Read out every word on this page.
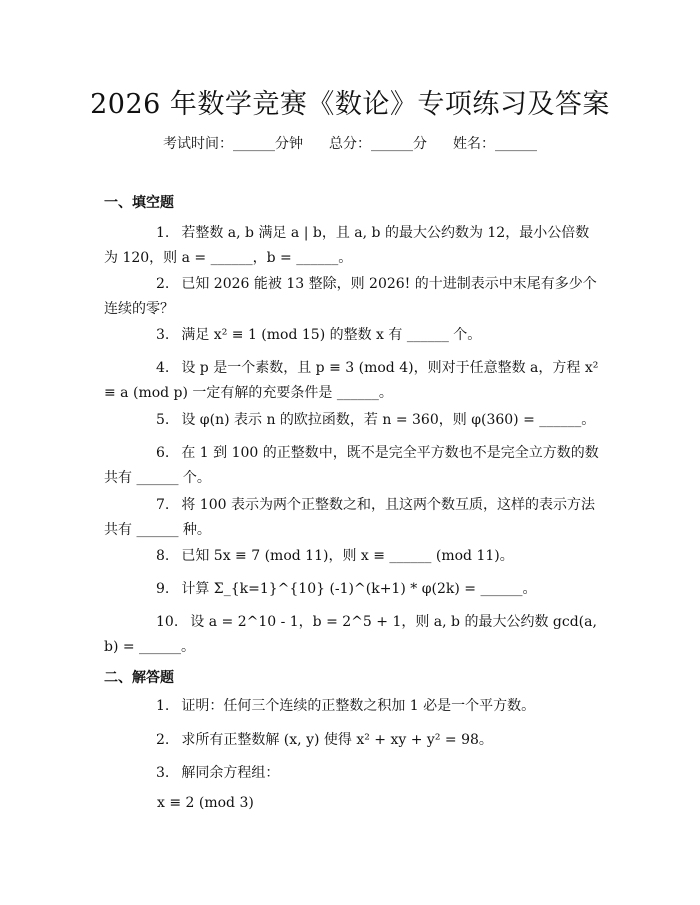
2026 年数学竞赛《数论》专项练习及答案
考试时间：______分钟 总分：______分 姓名：______
一、填空题

1. 若整数 a, b 满足 a | b，且 a, b 的最大公约数为 12，最小公倍数为 120，则 a = ______，b = ______。

2. 已知 2026 能被 13 整除，则 2026! 的十进制表示中末尾有多少个连续的零？

3. 满足 x² ≡ 1 (mod 15) 的整数 x 有 ______ 个。

4. 设 p 是一个素数，且 p ≡ 3 (mod 4)，则对于任意整数 a，方程 x² ≡ a (mod p) 一定有解的充要条件是 ______。

5. 设 φ(n) 表示 n 的欧拉函数，若 n = 360，则 φ(360) = ______。

6. 在 1 到 100 的正整数中，既不是完全平方数也不是完全立方数的数共有 ______ 个。

7. 将 100 表示为两个正整数之和，且这两个数互质，这样的表示方法共有 ______ 种。

8. 已知 5x ≡ 7 (mod 11)，则 x ≡ ______ (mod 11)。

9. 计算 Σ_{k=1}^{10} (-1)^(k+1) * φ(2k) = ______。

10. 设 a = 2^10 - 1，b = 2^5 + 1，则 a, b 的最大公约数 gcd(a, b) = ______。

二、解答题

1. 证明：任何三个连续的正整数之积加 1 必是一个平方数。

2. 求所有正整数解 (x, y) 使得 x² + xy + y² = 98。

3. 解同余方程组：

x ≡ 2 (mod 3)
